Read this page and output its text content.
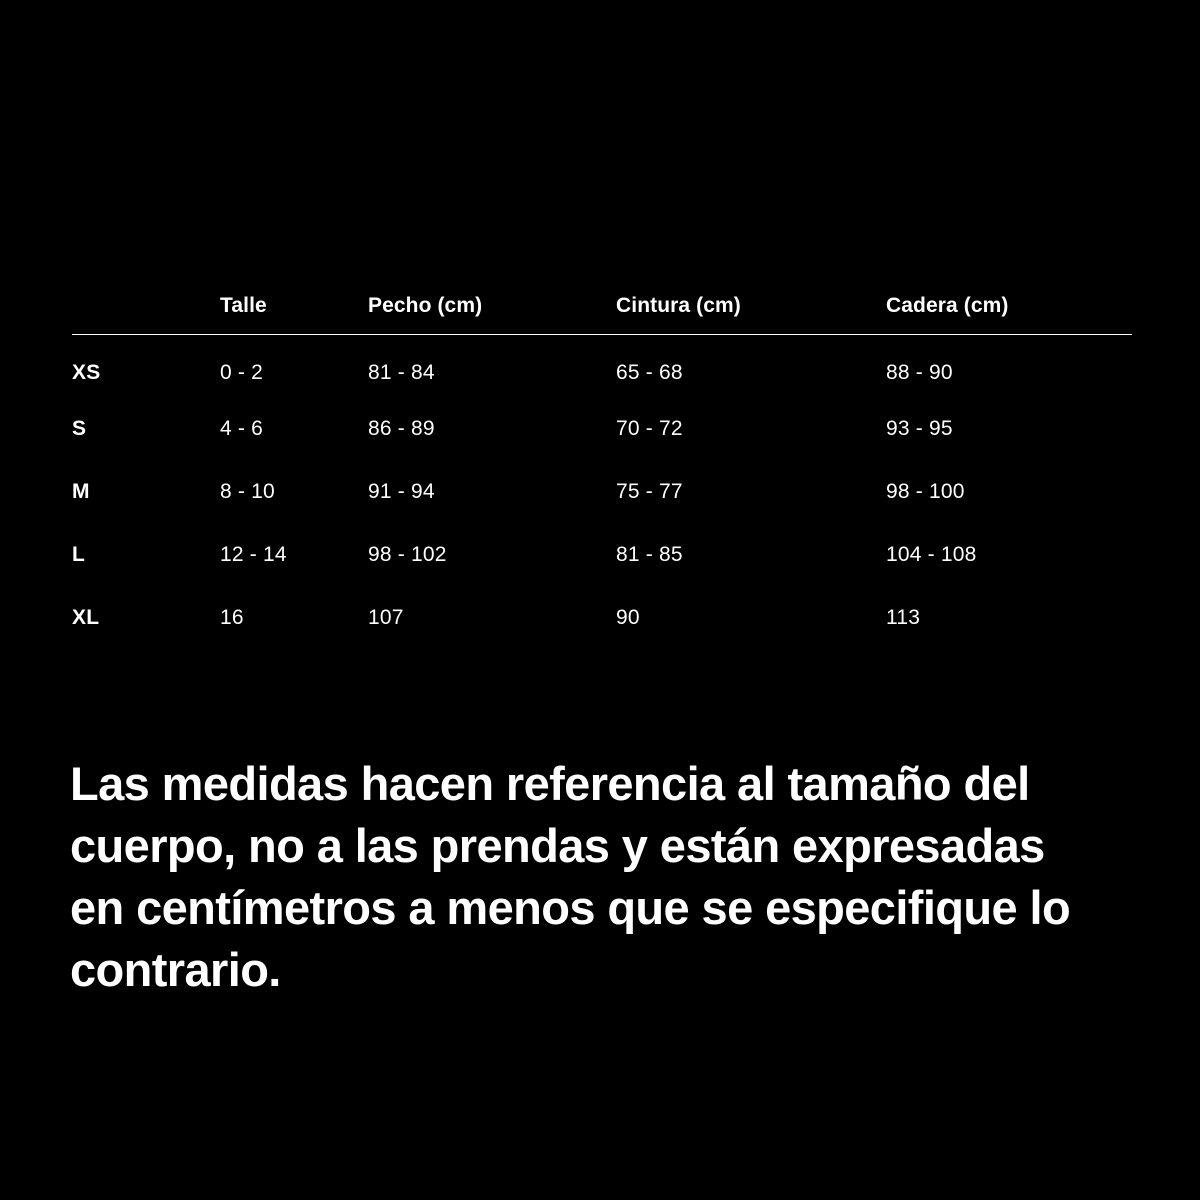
	Talle	Pecho (cm)	Cintura (cm)	Cadera (cm)
XS	0 - 2	81 - 84	65 - 68	88 - 90
S	4 - 6	86 - 89	70 - 72	93 - 95
M	8 - 10	91 - 94	75 - 77	98 - 100
L	12 - 14	98 - 102	81 - 85	104 - 108
XL	16	107	90	113

Las medidas hacen referencia al tamaño del cuerpo, no a las prendas y están expresadas en centímetros a menos que se especifique lo contrario.
